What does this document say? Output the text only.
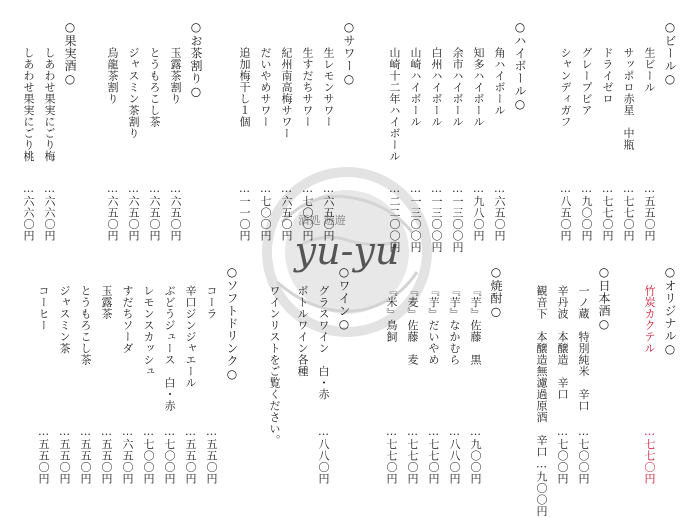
yu-yu
酒処 遊遊
○ビール○
生ビール
…五五〇円
サッポロ赤星　中瓶
…七七〇円
ドライゼロ
…七七〇円
グレープビア
…九〇〇円
シャンディガフ
…八五〇円
○ハイボール○
角ハイボール
…六五〇円
知多ハイボール
…九八〇円
余市ハイボール
…一三〇〇円
白州ハイボール
…一三〇〇円
山崎ハイボール
…一三〇〇円
山崎十二年ハイボール
…二二〇〇円
○サワー○
生レモンサワー
…六五〇円
生すだちサワー
…七〇〇円
紀州南高梅サワー
…六五〇円
だいやめサワー
…七〇〇円
追加梅干し１個
…一一〇円
○お茶割り○
玉露茶割り
…六五〇円
とうもろこし茶
…六五〇円
ジャスミン茶割り
…六五〇円
烏龍茶割り
…六五〇円
○果実酒○
しあわせ果実にごり梅
…六六〇円
しあわせ果実にごり桃
…六六〇円
○オリジナル○
竹炭カクテル
…七七〇円
○日本酒○
一ノ蔵　特別純米　辛口
…七〇〇円
辛丹波　本醸造　辛口
…七〇〇円
観音下　本醸造無濾過原酒　辛口…九〇〇円
○焼酎○
『芋』佐藤　黒
…九〇〇円
『芋』なかむら
…八八〇円
『芋』だいやめ
…七七〇円
『麦』佐藤　麦
…七七〇円
『米』鳥飼
…七七〇円
○ワイン○
グラスワイン　白・赤
…八八〇円
ボトルワイン各種
ワインリストをご覧ください。
○ソフトドリンク○
コーラ
…五五〇円
辛口ジンジャエール
…五五〇円
ぶどうジュース　白・赤
…七〇〇円
レモンスカッシュ
…七〇〇円
すだちソーダ
…六五〇円
玉露茶
…五五〇円
とうもろこし茶
…五五〇円
ジャスミン茶
…五五〇円
コーヒー
…五五〇円
